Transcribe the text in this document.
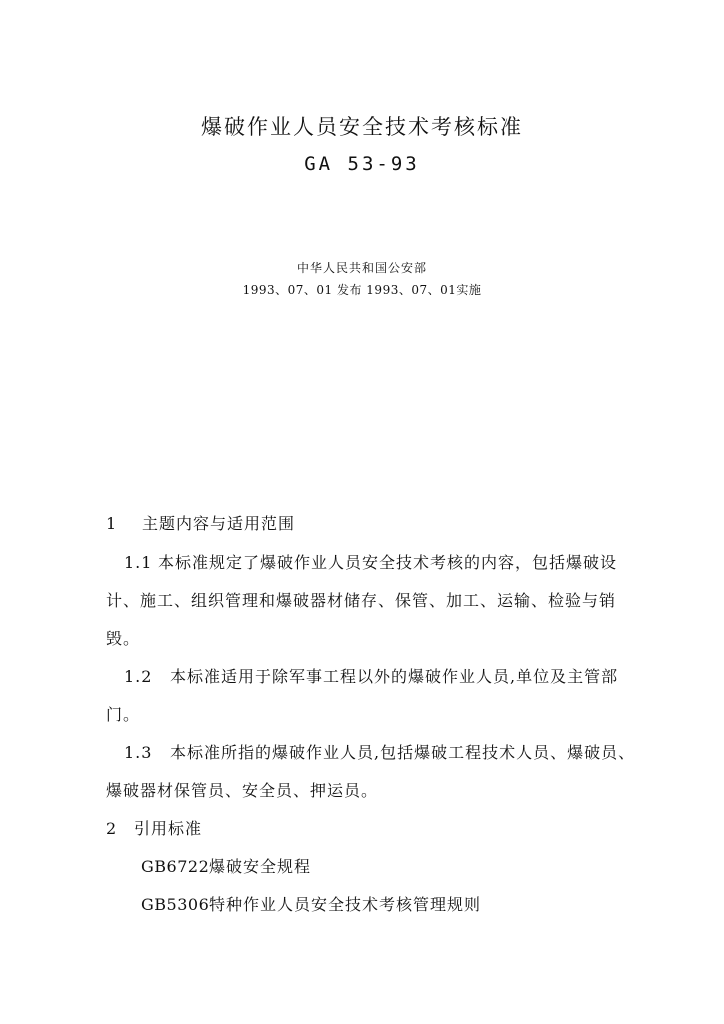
爆破作业人员安全技术考核标准
GA 53-93
中华人民共和国公安部
1993、07、01 发布 1993、07、01实施
1 主题内容与适用范围
1.1 本标准规定了爆破作业人员安全技术考核的内容，包括爆破设
计、施工、组织管理和爆破器材储存、保管、加工、运输、检验与销
毁。
1.2 本标准适用于除军事工程以外的爆破作业人员,单位及主管部
门。
1.3 本标准所指的爆破作业人员,包括爆破工程技术人员、爆破员、
爆破器材保管员、安全员、押运员。
2 引用标准
GB6722爆破安全规程
GB5306特种作业人员安全技术考核管理规则
